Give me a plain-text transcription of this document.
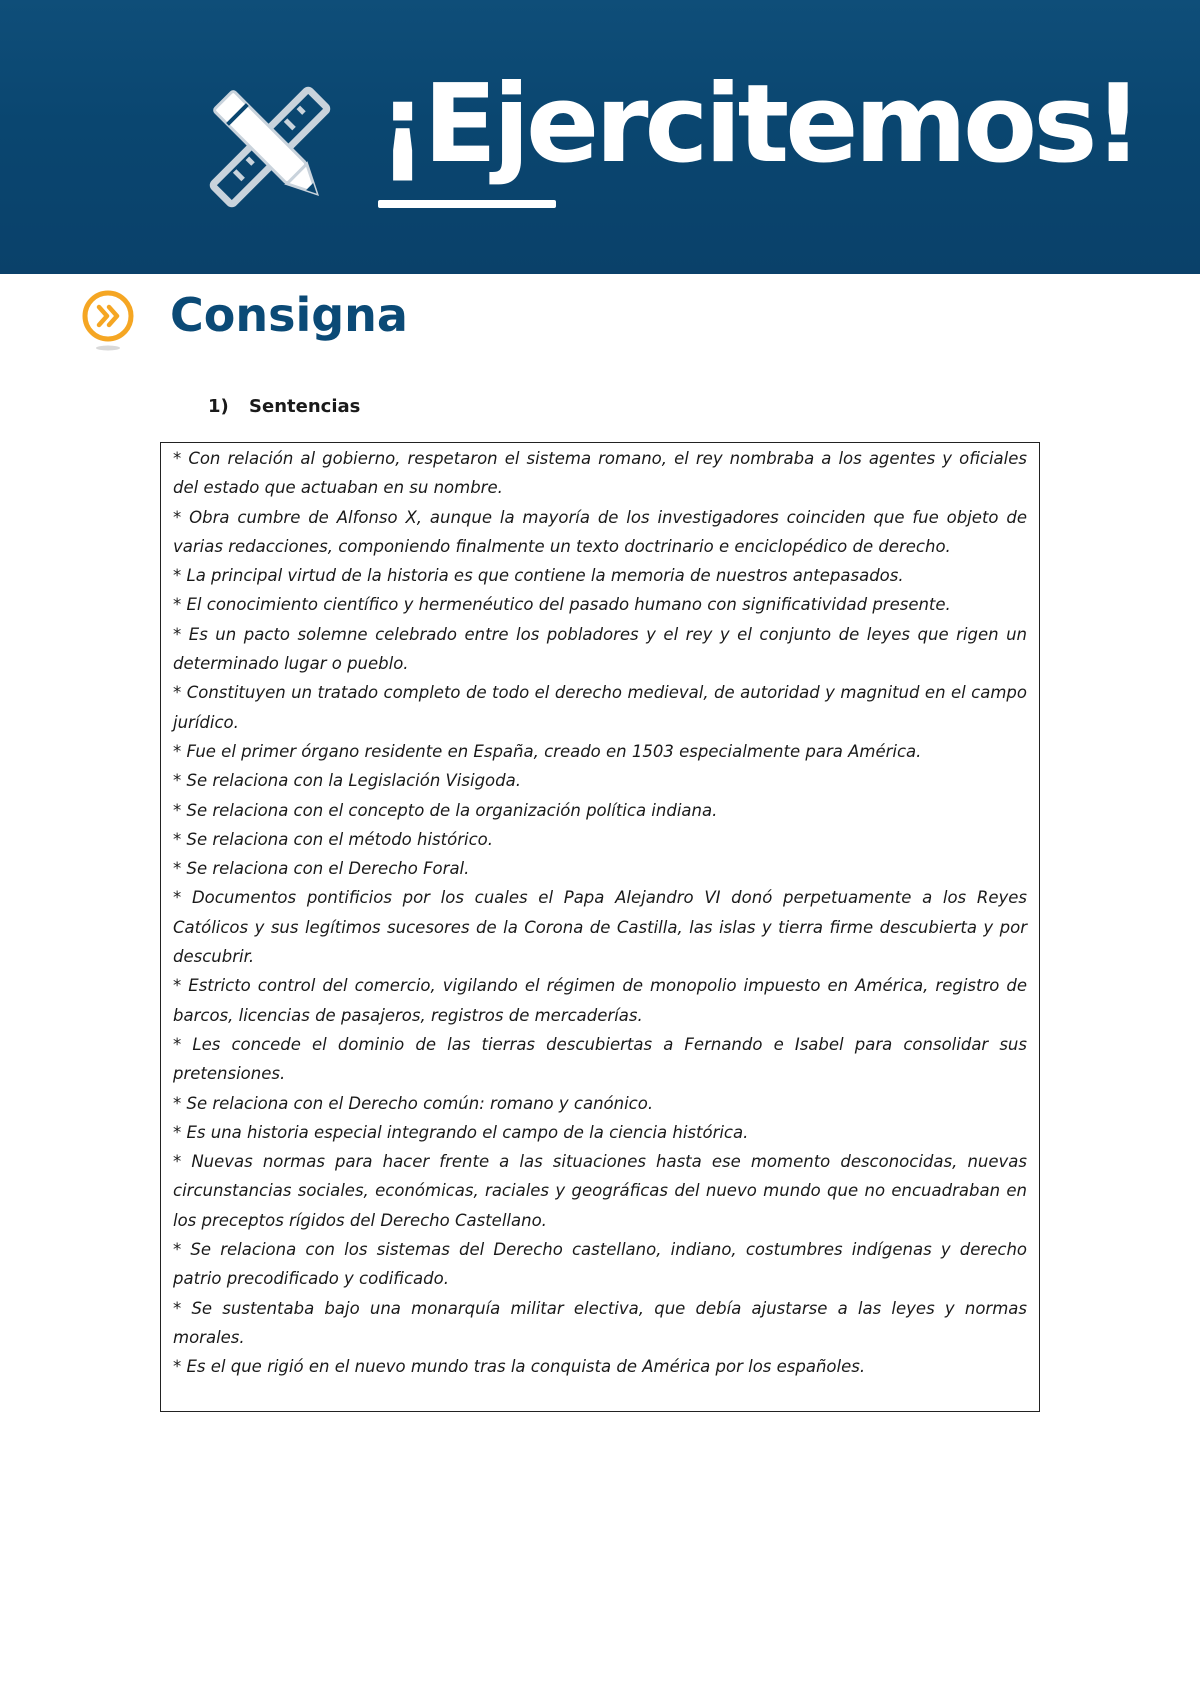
¡Ejercitemos!
Consigna
1) Sentencias

* Con relación al gobierno, respetaron el sistema romano, el rey nombraba a los agentes y oficiales del estado que actuaban en su nombre.

* Obra cumbre de Alfonso X, aunque la mayoría de los investigadores coinciden que fue objeto de varias redacciones, componiendo finalmente un texto doctrinario e enciclopédico de derecho.

* La principal virtud de la historia es que contiene la memoria de nuestros antepasados.

* El conocimiento científico y hermenéutico del pasado humano con significatividad presente.

* Es un pacto solemne celebrado entre los pobladores y el rey y el conjunto de leyes que rigen un determinado lugar o pueblo.

* Constituyen un tratado completo de todo el derecho medieval, de autoridad y magnitud en el campo jurídico.

* Fue el primer órgano residente en España, creado en 1503 especialmente para América.

* Se relaciona con la Legislación Visigoda.

* Se relaciona con el concepto de la organización política indiana.

* Se relaciona con el método histórico.

* Se relaciona con el Derecho Foral.

* Documentos pontificios por los cuales el Papa Alejandro VI donó perpetuamente a los Reyes Católicos y sus legítimos sucesores de la Corona de Castilla, las islas y tierra firme descubierta y por descubrir.

* Estricto control del comercio, vigilando el régimen de monopolio impuesto en América, registro de barcos, licencias de pasajeros, registros de mercaderías.

* Les concede el dominio de las tierras descubiertas a Fernando e Isabel para consolidar sus pretensiones.

* Se relaciona con el Derecho común: romano y canónico.

* Es una historia especial integrando el campo de la ciencia histórica.

* Nuevas normas para hacer frente a las situaciones hasta ese momento desconocidas, nuevas circunstancias sociales, económicas, raciales y geográficas del nuevo mundo que no encuadraban en los preceptos rígidos del Derecho Castellano.

* Se relaciona con los sistemas del Derecho castellano, indiano, costumbres indígenas y derecho patrio precodificado y codificado.

* Se sustentaba bajo una monarquía militar electiva, que debía ajustarse a las leyes y normas morales.

* Es el que rigió en el nuevo mundo tras la conquista de América por los españoles.
